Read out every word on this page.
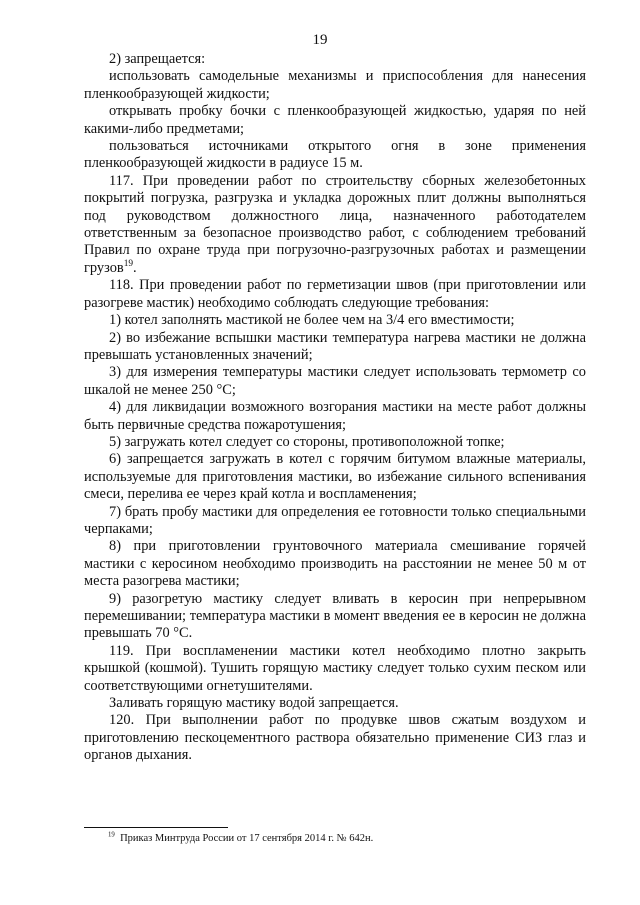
19

2) запрещается:

использовать самодельные механизмы и приспособления для нанесения пленкообразующей жидкости;

открывать пробку бочки с пленкообразующей жидкостью, ударяя по ней какими-либо предметами;

пользоваться источниками открытого огня в зоне применения пленкообразующей жидкости в радиусе 15 м.

117. При проведении работ по строительству сборных железобетонных покрытий погрузка, разгрузка и укладка дорожных плит должны выполняться под руководством должностного лица, назначенного работодателем ответственным за безопасное производство работ, с соблюдением требований Правил по охране труда при погрузочно-разгрузочных работах и размещении грузов$^{19}$.

118. При проведении работ по герметизации швов (при приготовлении или разогреве мастик) необходимо соблюдать следующие требования:

1) котел заполнять мастикой не более чем на 3/4 его вместимости;

2) во избежание вспышки мастики температура нагрева мастики не должна превышать установленных значений;

3) для измерения температуры мастики следует использовать термометр со шкалой не менее 250 °С;

4) для ликвидации возможного возгорания мастики на месте работ должны быть первичные средства пожаротушения;

5) загружать котел следует со стороны, противоположной топке;

6) запрещается загружать в котел с горячим битумом влажные материалы, используемые для приготовления мастики, во избежание сильного вспенивания смеси, перелива ее через край котла и воспламенения;

7) брать пробу мастики для определения ее готовности только специальными черпаками;

8) при приготовлении грунтовочного материала смешивание горячей мастики с керосином необходимо производить на расстоянии не менее 50 м от места разогрева мастики;

9) разогретую мастику следует вливать в керосин при непрерывном перемешивании; температура мастики в момент введения ее в керосин не должна превышать 70 °С.

119. При воспламенении мастики котел необходимо плотно закрыть крышкой (кошмой). Тушить горящую мастику следует только сухим песком или соответствующими огнетушителями.

Заливать горящую мастику водой запрещается.

120. При выполнении работ по продувке швов сжатым воздухом и приготовлению пескоцементного раствора обязательно применение СИЗ глаз и органов дыхания.

$^{19}$ Приказ Минтруда России от 17 сентября 2014 г. № 642н.
